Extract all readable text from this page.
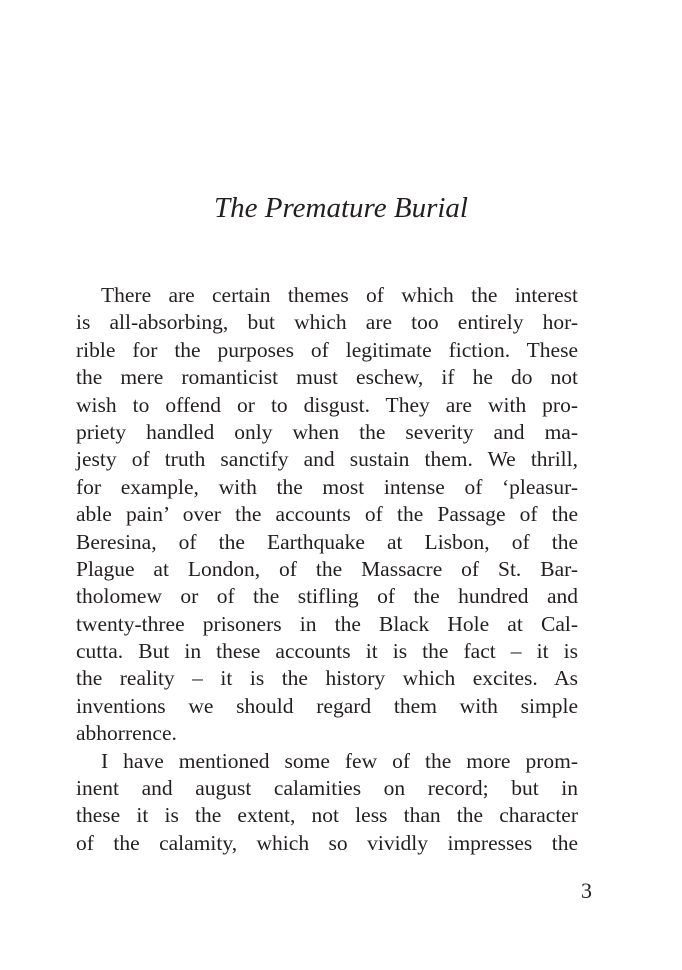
The Premature Burial
There are certain themes of which the interest
is all-absorbing, but which are too entirely hor-
rible for the purposes of legitimate fiction. These
the mere romanticist must eschew, if he do not
wish to offend or to disgust. They are with pro-
priety handled only when the severity and ma-
jesty of truth sanctify and sustain them. We thrill,
for example, with the most intense of ‘pleasur-
able pain’ over the accounts of the Passage of the
Beresina, of the Earthquake at Lisbon, of the
Plague at London, of the Massacre of St. Bar-
tholomew or of the stifling of the hundred and
twenty-three prisoners in the Black Hole at Cal-
cutta. But in these accounts it is the fact – it is
the reality – it is the history which excites. As
inventions we should regard them with simple
abhorrence.
I have mentioned some few of the more prom-
inent and august calamities on record; but in
these it is the extent, not less than the character
of the calamity, which so vividly impresses the
3
